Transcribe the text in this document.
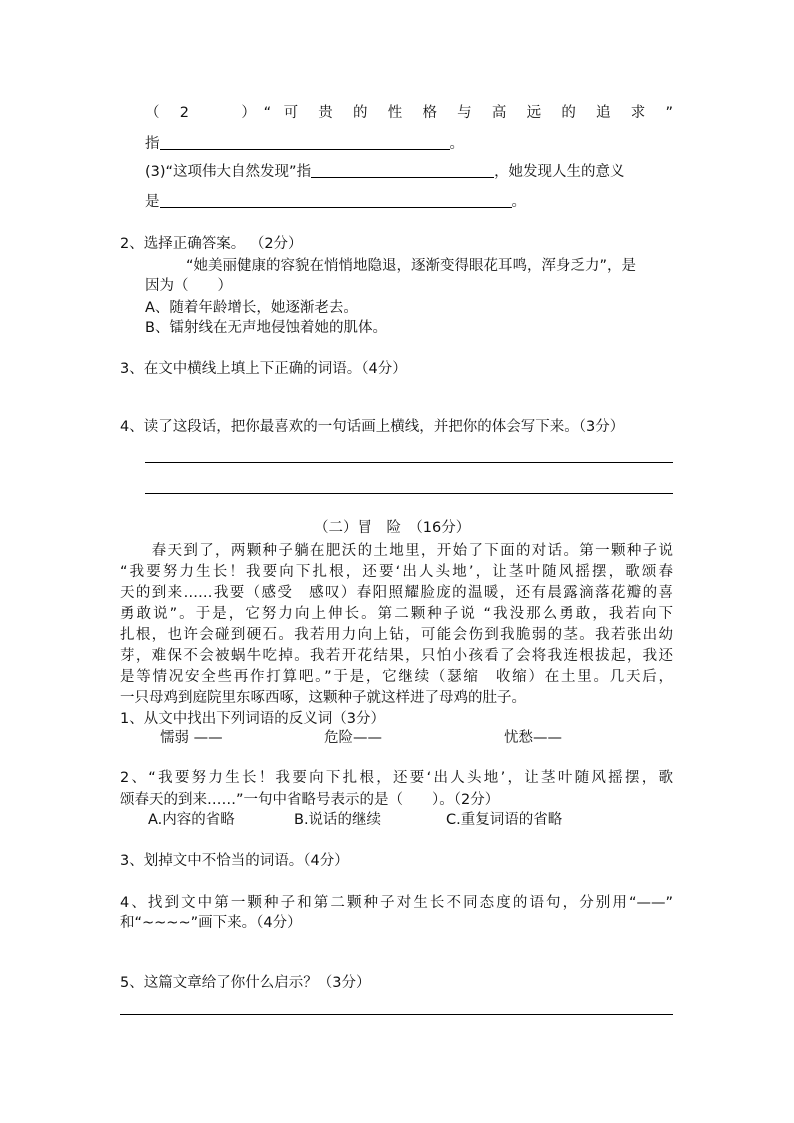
（ 2　　）“ 可 贵 的 性 格 与 高 远 的 追 求 ”
指	。
(3)“这项伟大自然发现”指	，她发现人生的意义
是	。
2、选择正确答案。 （2分）
“她美丽健康的容貌在悄悄地隐退，逐渐变得眼花耳鸣，浑身乏力”，是
因为（　　）
A、随着年龄增长，她逐渐老去。
B、镭射线在无声地侵蚀着她的肌体。
3、在文中横线上填上下正确的词语。（4分）
4、读了这段话，把你最喜欢的一句话画上横线，并把你的体会写下来。（3分）
（二）冒　险　（16分）
　　春天到了，两颗种子躺在肥沃的土地里，开始了下面的对话。第一颗种子说
“我要努力生长！我要向下扎根，还要‘出人头地’，让茎叶随风摇摆，歌颂春
天的到来……我要（感受　感叹）春阳照耀脸庞的温暖，还有晨露滴落花瓣的喜
勇敢说”。于是，它努力向上伸长。第二颗种子说 “我没那么勇敢，我若向下
扎根，也许会碰到硬石。我若用力向上钻，可能会伤到我脆弱的茎。我若张出幼
芽，难保不会被蜗牛吃掉。我若开花结果，只怕小孩看了会将我连根拔起，我还
是等情况安全些再作打算吧。”于是，它继续（瑟缩　收缩）在土里。几天后，
一只母鸡到庭院里东啄西啄，这颗种子就这样进了母鸡的肚子。
1、从文中找出下列词语的反义词（3分）
懦弱 ——	危险——	忧愁——
2、“我要努力生长！我要向下扎根，还要‘出人头地’，让茎叶随风摇摆，歌
颂春天的到来……”一句中省略号表示的是（　　）。（2分）
A.内容的省略	B.说话的继续	C.重复词语的省略
3、划掉文中不恰当的词语。（4分）
4、找到文中第一颗种子和第二颗种子对生长不同态度的语句，分别用“——”
和“~~~~”画下来。（4分）
5、这篇文章给了你什么启示？（3分）
